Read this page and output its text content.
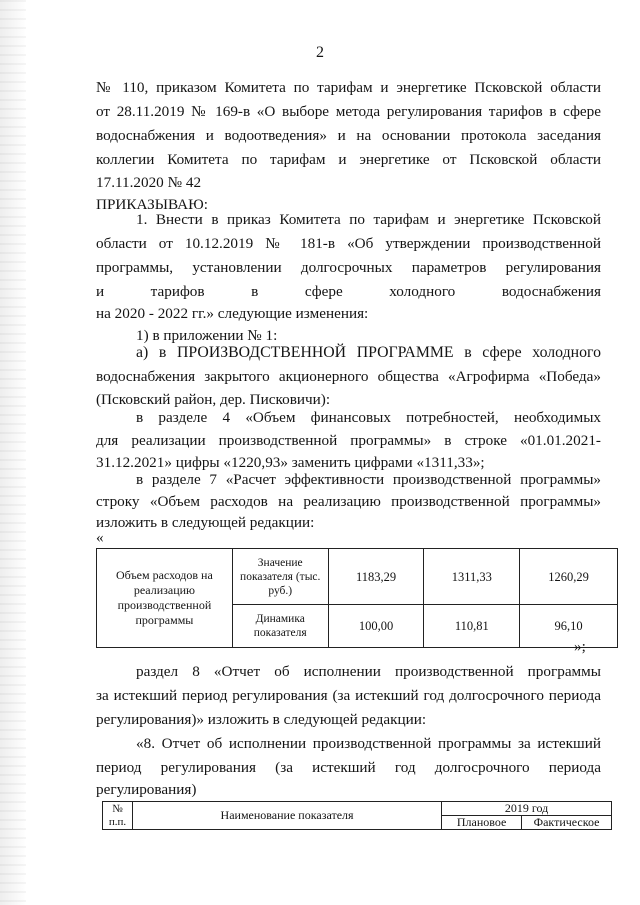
2
№ 110, приказом Комитета по тарифам и энергетике Псковской области
от 28.11.2019 № 169-в «О выборе метода регулирования тарифов в сфере
водоснабжения и водоотведения» и на основании протокола заседания
коллегии Комитета по тарифам и энергетике от Псковской области
17.11.2020 № 42
ПРИКАЗЫВАЮ:
1. Внести в приказ Комитета по тарифам и энергетике Псковской
области от 10.12.2019 № 181-в «Об утверждении производственной
программы, установлении долгосрочных параметров регулирования
и тарифов в сфере холодного водоснабжения
на 2020 - 2022 гг.» следующие изменения:
1) в приложении № 1:
а) в ПРОИЗВОДСТВЕННОЙ ПРОГРАММЕ в сфере холодного
водоснабжения закрытого акционерного общества «Агрофирма «Победа»
(Псковский район, дер. Писковичи):
в разделе 4 «Объем финансовых потребностей, необходимых
для реализации производственной программы» в строке «01.01.2021-
31.12.2021» цифры «1220,93» заменить цифрами «1311,33»;
в разделе 7 «Расчет эффективности производственной программы»
строку «Объем расходов на реализацию производственной программы»
изложить в следующей редакции:
«
Объем расходов на реализацию производственной программы	Значение показателя (тыс. руб.)	1183,29	1311,33	1260,29
	Динамика показателя	100,00	110,81	96,10
»;
раздел 8 «Отчет об исполнении производственной программы
за истекший период регулирования (за истекший год долгосрочного периода
регулирования)» изложить в следующей редакции:
«8. Отчет об исполнении производственной программы за истекший
период регулирования (за истекший год долгосрочного периода
регулирования)
№ п.п.	Наименование показателя	2019 год	
		Плановое	Фактическое
